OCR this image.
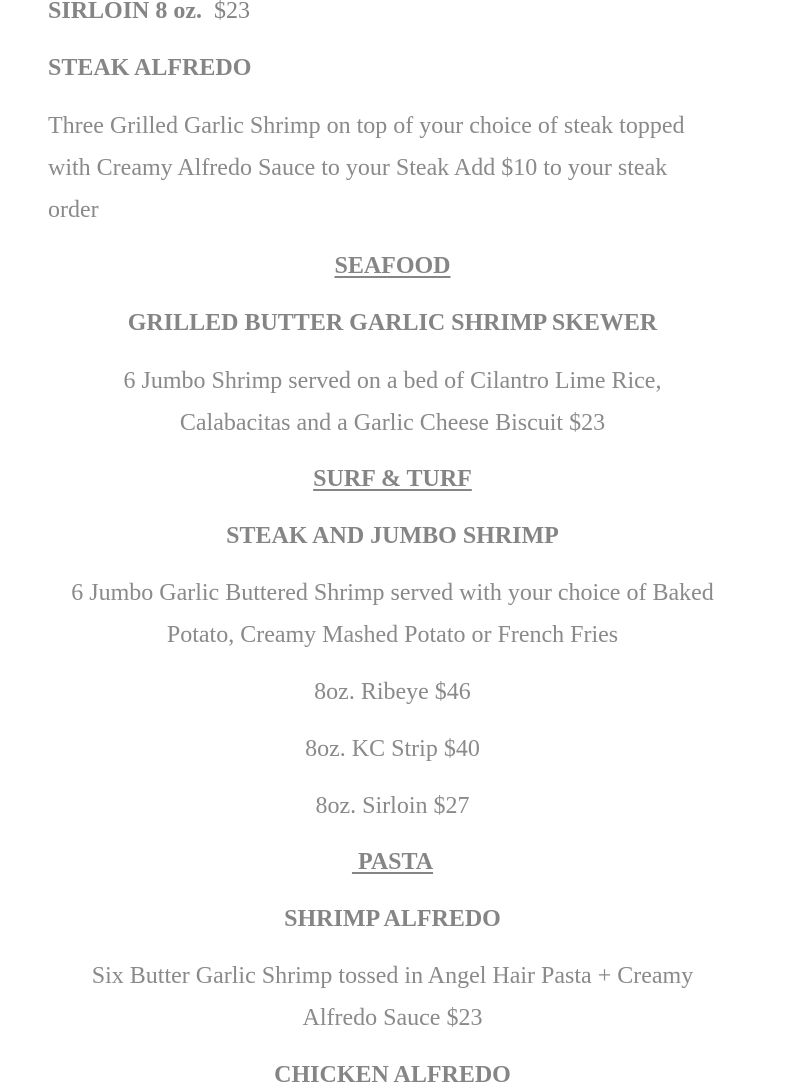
SIRLOIN 8 oz. $23
STEAK ALFREDO
Three Grilled Garlic Shrimp on top of your choice of steak topped
with Creamy Alfredo Sauce to your Steak Add $10 to your steak
order
SEAFOOD
GRILLED BUTTER GARLIC SHRIMP SKEWER
6 Jumbo Shrimp served on a bed of Cilantro Lime Rice,
Calabacitas and a Garlic Cheese Biscuit $23
SURF & TURF
STEAK AND JUMBO SHRIMP
6 Jumbo Garlic Buttered Shrimp served with your choice of Baked
Potato, Creamy Mashed Potato or French Fries
8oz. Ribeye $46
8oz. KC Strip $40
8oz. Sirloin $27
PASTA
SHRIMP ALFREDO
Six Butter Garlic Shrimp tossed in Angel Hair Pasta + Creamy
Alfredo Sauce $23
CHICKEN ALFREDO
